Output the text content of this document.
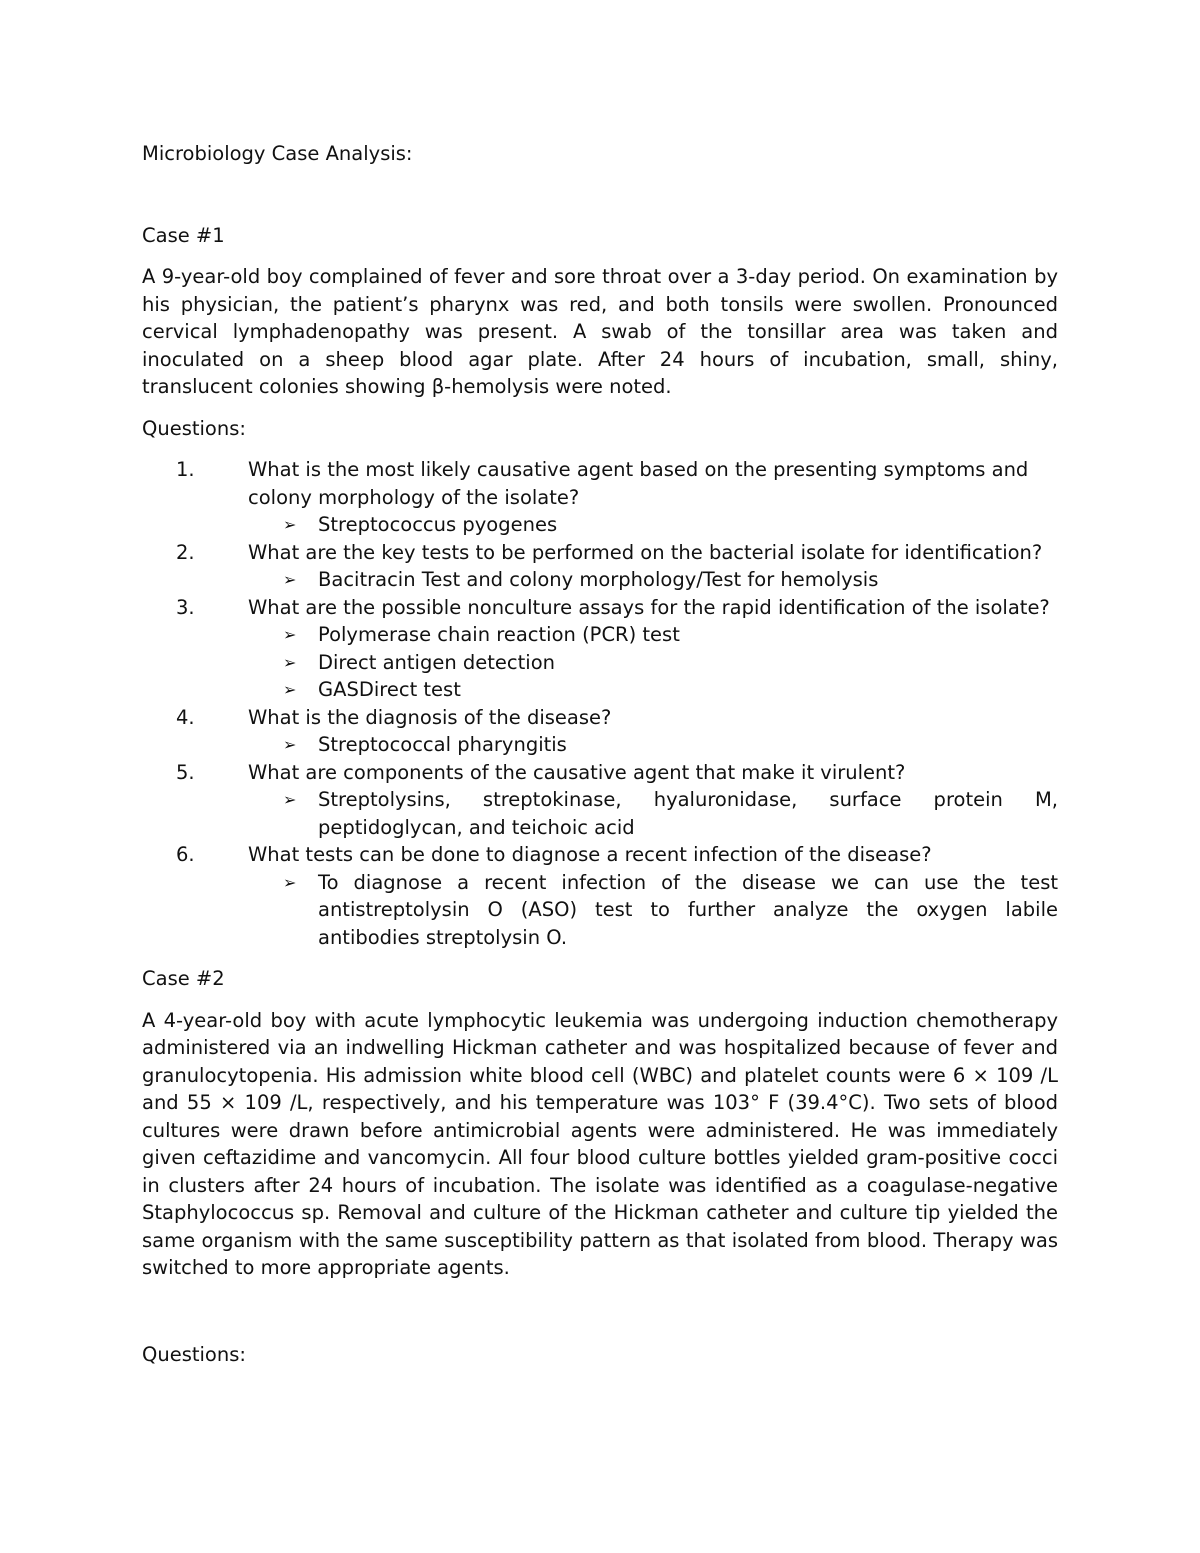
Microbiology Case Analysis:
Case #1

A 9-year-old boy complained of fever and sore throat over a 3-day period. On examination by his physician, the patient’s pharynx was red, and both tonsils were swollen. Pronounced cervical lymphadenopathy was present. A swab of the tonsillar area was taken and inoculated on a sheep blood agar plate. After 24 hours of incubation, small, shiny, translucent colonies showing β-hemolysis were noted.

Questions:
1.	What is the most likely causative agent based on the presenting symptoms and colony morphology of the isolate?
➢ Streptococcus pyogenes
2.	What are the key tests to be performed on the bacterial isolate for identification?
➢ Bacitracin Test and colony morphology/Test for hemolysis
3.	What are the possible nonculture assays for the rapid identification of the isolate?
➢ Polymerase chain reaction (PCR) test
➢ Direct antigen detection
➢ GASDirect test
4.	What is the diagnosis of the disease?
➢ Streptococcal pharyngitis
5.	What are components of the causative agent that make it virulent?
➢ Streptolysins, streptokinase, hyaluronidase, surface protein M, peptidoglycan, and teichoic acid
6.	What tests can be done to diagnose a recent infection of the disease?
➢ To diagnose a recent infection of the disease we can use the test antistreptolysin O (ASO) test to further analyze the oxygen labile antibodies streptolysin O.
Case #2

A 4-year-old boy with acute lymphocytic leukemia was undergoing induction chemotherapy administered via an indwelling Hickman catheter and was hospitalized because of fever and granulocytopenia. His admission white blood cell (WBC) and platelet counts were 6 × 109 /L and 55 × 109 /L, respectively, and his temperature was 103° F (39.4°C). Two sets of blood cultures were drawn before antimicrobial agents were administered. He was immediately given ceftazidime and vancomycin. All four blood culture bottles yielded gram-positive cocci in clusters after 24 hours of incubation. The isolate was identified as a coagulase-negative Staphylococcus sp. Removal and culture of the Hickman catheter and culture tip yielded the same organism with the same susceptibility pattern as that isolated from blood. Therapy was switched to more appropriate agents.

Questions:
